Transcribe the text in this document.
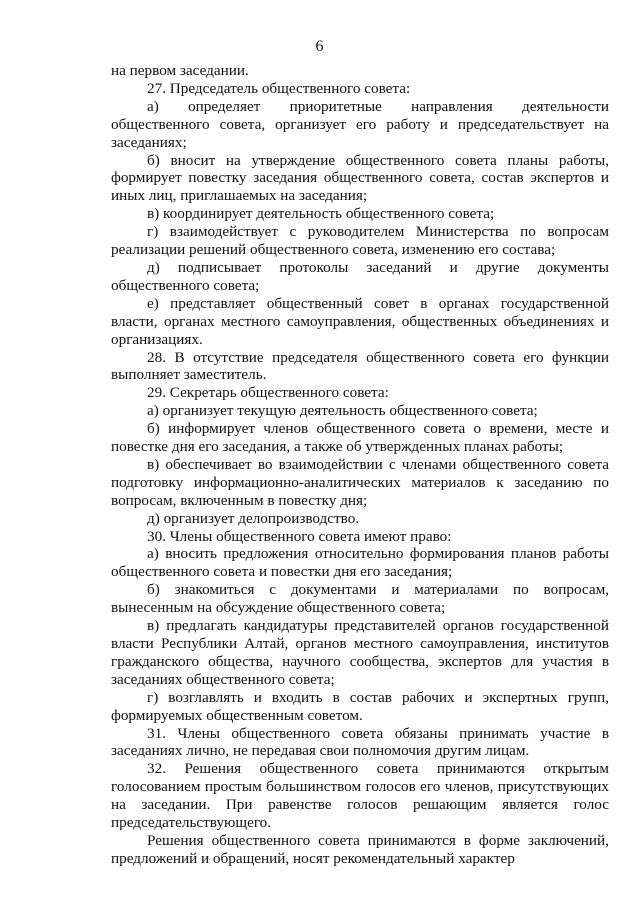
6

на первом заседании.

27. Председатель общественного совета:

а) определяет приоритетные направления деятельности общественного совета, организует его работу и председательствует на заседаниях;

б) вносит на утверждение общественного совета планы работы, формирует повестку заседания общественного совета, состав экспертов и иных лиц, приглашаемых на заседания;

в) координирует деятельность общественного совета;

г) взаимодействует с руководителем Министерства по вопросам реализации решений общественного совета, изменению его состава;

д) подписывает протоколы заседаний и другие документы общественного совета;

е) представляет общественный совет в органах государственной власти, органах местного самоуправления, общественных объединениях и организациях.

28. В отсутствие председателя общественного совета его функции выполняет заместитель.

29. Секретарь общественного совета:

а) организует текущую деятельность общественного совета;

б) информирует членов общественного совета о времени, месте и повестке дня его заседания, а также об утвержденных планах работы;

в) обеспечивает во взаимодействии с членами общественного совета подготовку информационно-аналитических материалов к заседанию по вопросам, включенным в повестку дня;

д) организует делопроизводство.

30. Члены общественного совета имеют право:

а) вносить предложения относительно формирования планов работы общественного совета и повестки дня его заседания;

б) знакомиться с документами и материалами по вопросам, вынесенным на обсуждение общественного совета;

в) предлагать кандидатуры представителей органов государственной власти Республики Алтай, органов местного самоуправления, институтов гражданского общества, научного сообщества, экспертов для участия в заседаниях общественного совета;

г) возглавлять и входить в состав рабочих и экспертных групп, формируемых общественным советом.

31. Члены общественного совета обязаны принимать участие в заседаниях лично, не передавая свои полномочия другим лицам.

32. Решения общественного совета принимаются открытым голосованием простым большинством голосов его членов, присутствующих на заседании. При равенстве голосов решающим является голос председательствующего.

Решения общественного совета принимаются в форме заключений, предложений и обращений, носят рекомендательный характер
